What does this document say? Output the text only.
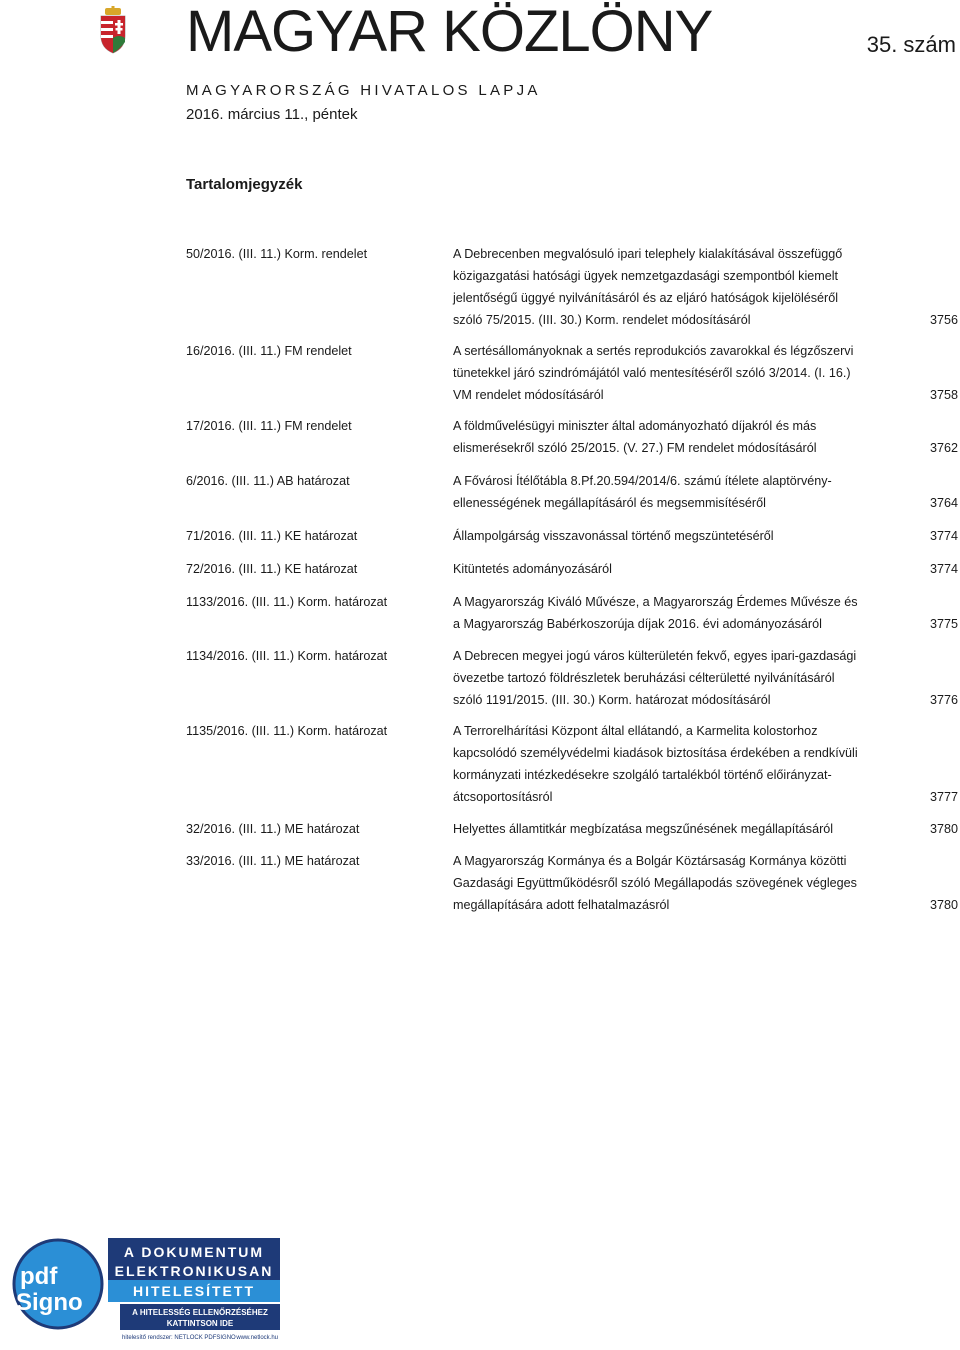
MAGYAR KÖZLÖNY	35. szám
MAGYARORSZÁG HIVATALOS LAPJA
2016. március 11., péntek
Tartalomjegyzék
50/2016. (III. 11.) Korm. rendelet	A Debrecenben megvalósuló ipari telephely kialakításával összefüggő
közigazgatási hatósági ügyek nemzetgazdasági szempontból kiemelt
jelentőségű üggyé nyilvánításáról és az eljáró hatóságok kijelöléséről
szóló 75/2015. (III. 30.) Korm. rendelet módosításáról	3756
16/2016. (III. 11.) FM rendelet	A sertésállományoknak a sertés reprodukciós zavarokkal és légzőszervi
tünetekkel járó szindrómájától való mentesítéséről szóló 3/2014. (I. 16.)
VM rendelet módosításáról	3758
17/2016. (III. 11.) FM rendelet	A földművelésügyi miniszter által adományozható díjakról és más
elismerésekről szóló 25/2015. (V. 27.) FM rendelet módosításáról	3762
6/2016. (III. 11.) AB határozat	A Fővárosi Ítélőtábla 8.Pf.20.594/2014/6. számú ítélete alaptörvény-
ellenességének megállapításáról és megsemmisítéséről	3764
71/2016. (III. 11.) KE határozat	Állampolgárság visszavonással történő megszüntetéséről	3774
72/2016. (III. 11.) KE határozat	Kitüntetés adományozásáról	3774
1133/2016. (III. 11.) Korm. határozat	A Magyarország Kiváló Művésze, a Magyarország Érdemes Művésze és
a Magyarország Babérkoszorúja díjak 2016. évi adományozásáról	3775
1134/2016. (III. 11.) Korm. határozat	A Debrecen megyei jogú város külterületén fekvő, egyes ipari-gazdasági
övezetbe tartozó földrészletek beruházási célterületté nyilvánításáról
szóló 1191/2015. (III. 30.) Korm. határozat módosításáról	3776
1135/2016. (III. 11.) Korm. határozat	A Terrorelhárítási Központ által ellátandó, a Karmelita kolostorhoz
kapcsolódó személyvédelmi kiadások biztosítása érdekében a rendkívüli
kormányzati intézkedésekre szolgáló tartalékból történő előirányzat-
átcsoportosításról	3777
32/2016. (III. 11.) ME határozat	Helyettes államtitkár megbízatása megszűnésének megállapításáról	3780
33/2016. (III. 11.) ME határozat	A Magyarország Kormánya és a Bolgár Köztársaság Kormánya közötti
Gazdasági Együttműködésről szóló Megállapodás szövegének végleges
megállapítására adott felhatalmazásról	3780
pdf
Signo
A DOKUMENTUM
ELEKTRONIKUSAN
HITELESÍTETT
A HITELESSÉG ELLENŐRZÉSÉHEZ
KATTINTSON IDE
hitelesítő rendszer: NETLOCK PDFSIGNO www.netlock.hu
